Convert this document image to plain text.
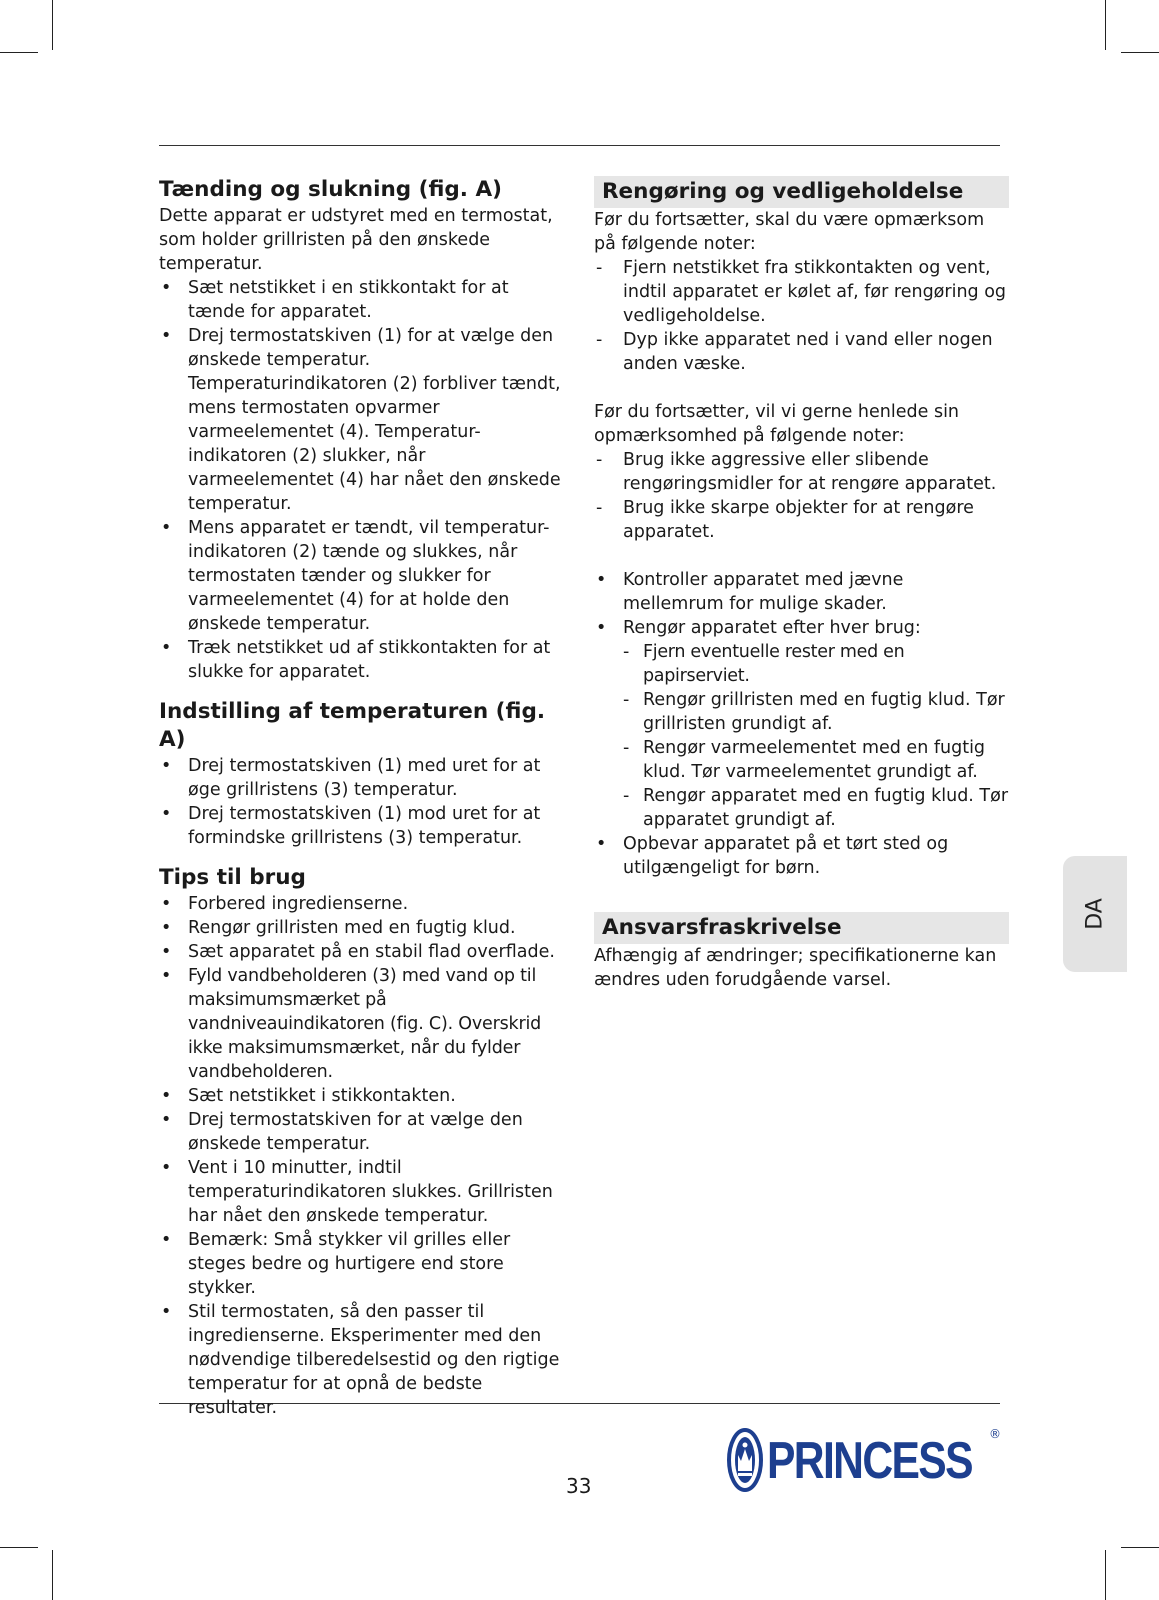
Tænding og slukning (fig. A)

Dette apparat er udstyret med en termostat, som holder grillristen på den ønskede temperatur.

• Sæt netstikket i en stikkontakt for at tænde for apparatet.
• Drej termostatskiven (1) for at vælge den ønskede temperatur. Temperaturindikatoren (2) forbliver tændt, mens termostaten opvarmer varmeelementet (4). Temperatur-indikatoren (2) slukker, når varmeelementet (4) har nået den ønskede temperatur.
• Mens apparatet er tændt, vil temperatur-indikatoren (2) tænde og slukkes, når termostaten tænder og slukker for varmeelementet (4) for at holde den ønskede temperatur.
• Træk netstikket ud af stikkontakten for at slukke for apparatet.
Indstilling af temperaturen (fig. A)
• Drej termostatskiven (1) med uret for at øge grillristens (3) temperatur.
• Drej termostatskiven (1) mod uret for at formindske grillristens (3) temperatur.
Tips til brug
• Forbered ingredienserne.
• Rengør grillristen med en fugtig klud.
• Sæt apparatet på en stabil flad overflade.
• Fyld vandbeholderen (3) med vand op til maksimumsmærket på vandniveauindikatoren (fig. C). Overskrid ikke maksimumsmærket, når du fylder vandbeholderen.
• Sæt netstikket i stikkontakten.
• Drej termostatskiven for at vælge den ønskede temperatur.
• Vent i 10 minutter, indtil temperaturindikatoren slukkes. Grillristen har nået den ønskede temperatur.
• Bemærk: Små stykker vil grilles eller steges bedre og hurtigere end store stykker.
• Stil termostaten, så den passer til ingredienserne. Eksperimenter med den nødvendige tilberedelsestid og den rigtige temperatur for at opnå de bedste resultater.
Rengøring og vedligeholdelse

Før du fortsætter, skal du være opmærksom på følgende noter:

- Fjern netstikket fra stikkontakten og vent, indtil apparatet er kølet af, før rengøring og vedligeholdelse.
- Dyp ikke apparatet ned i vand eller nogen anden væske.

Før du fortsætter, vil vi gerne henlede sin opmærksomhed på følgende noter:

- Brug ikke aggressive eller slibende rengøringsmidler for at rengøre apparatet.
- Brug ikke skarpe objekter for at rengøre apparatet.
• Kontroller apparatet med jævne mellemrum for mulige skader.
• Rengør apparatet efter hver brug:
- Fjern eventuelle rester med en papirserviet.
- Rengør grillristen med en fugtig klud. Tør grillristen grundigt af.
- Rengør varmeelementet med en fugtig klud. Tør varmeelementet grundigt af.
- Rengør apparatet med en fugtig klud. Tør apparatet grundigt af.
• Opbevar apparatet på et tørt sted og utilgængeligt for børn.
Ansvarsfraskrivelse

Afhængig af ændringer; specifikationerne kan ændres uden forudgående varsel.

DA
33	PRINCESS ®
